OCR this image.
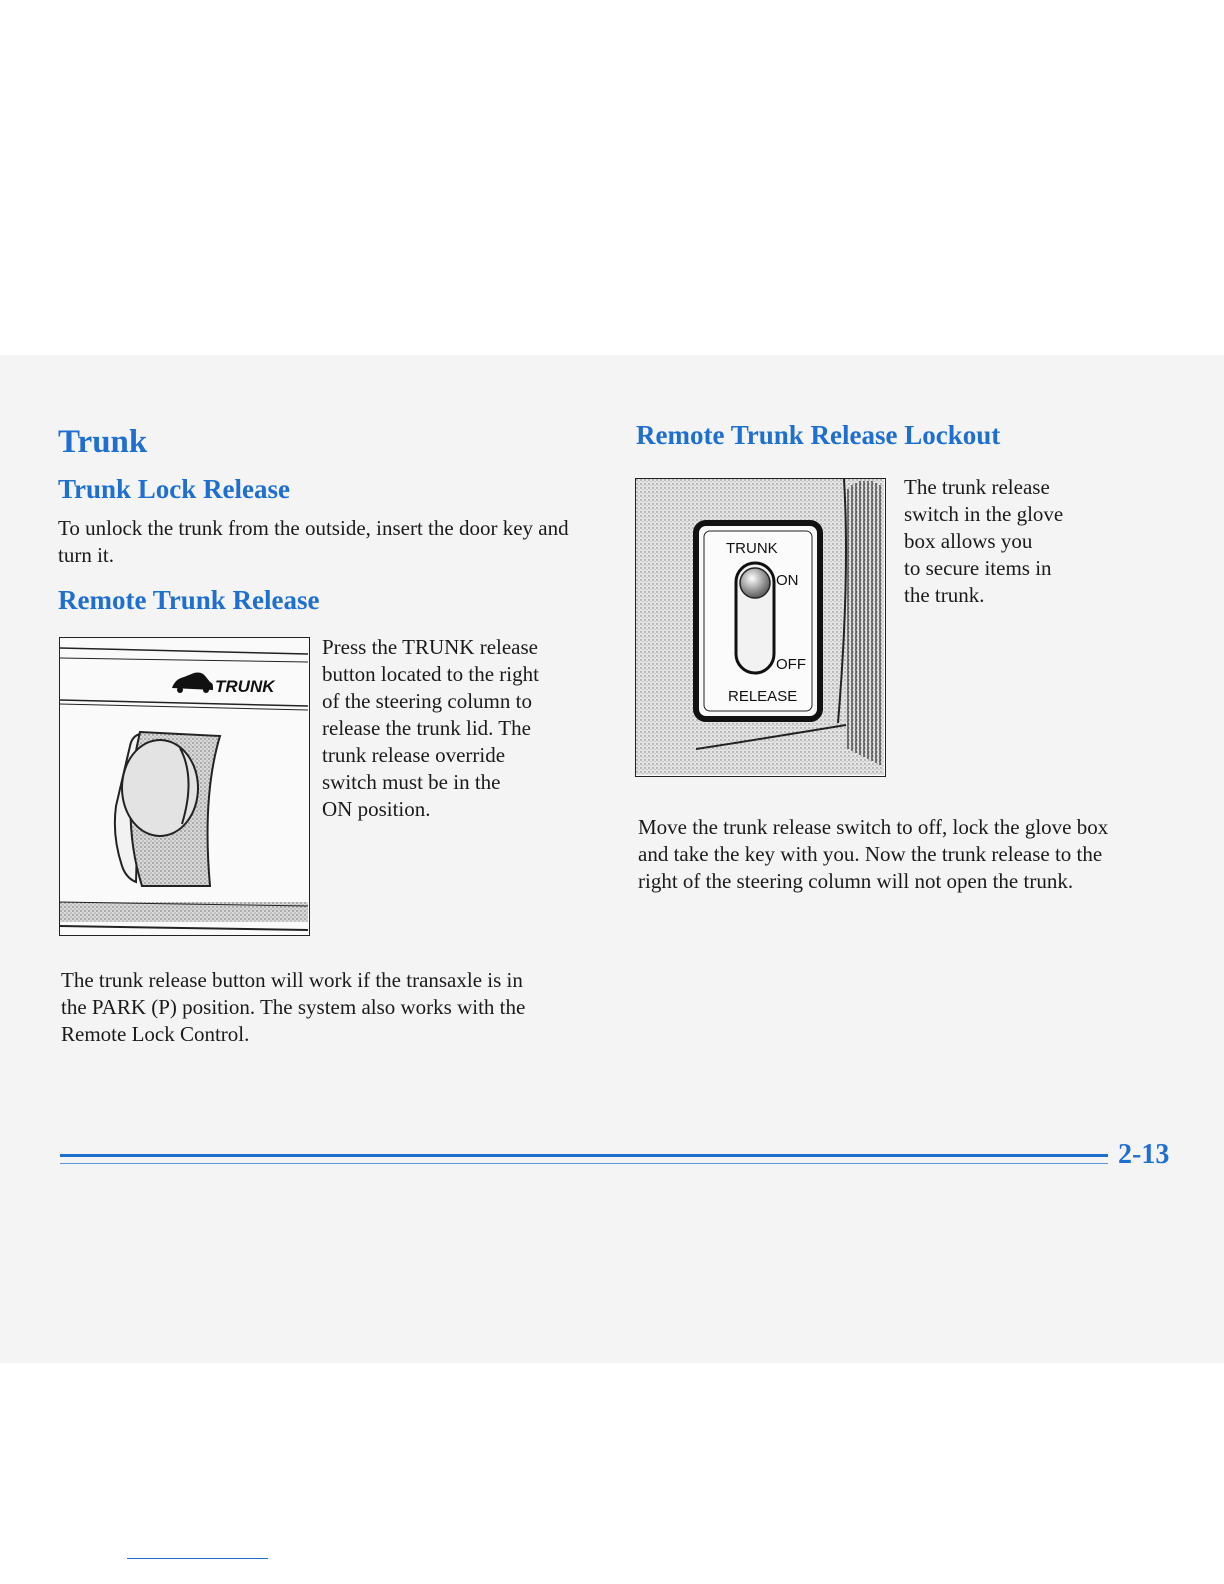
Trunk
Trunk Lock Release

To unlock the trunk from the outside, insert the door key and turn it.

Remote Trunk Release
TRUNK

Press the TRUNK release

button located to the right

of the steering column to

release the trunk lid. The

trunk release override

switch must be in the

ON position.

The trunk release button will work if the transaxle is in

the PARK (P) position. The system also works with the

Remote Lock Control.

Remote Trunk Release Lockout
TRUNK
ON
OFF
RELEASE

The trunk release

switch in the glove

box allows you

to secure items in

the trunk.

Move the trunk release switch to off, lock the glove box

and take the key with you. Now the trunk release to the

right of the steering column will not open the trunk.

2-13
